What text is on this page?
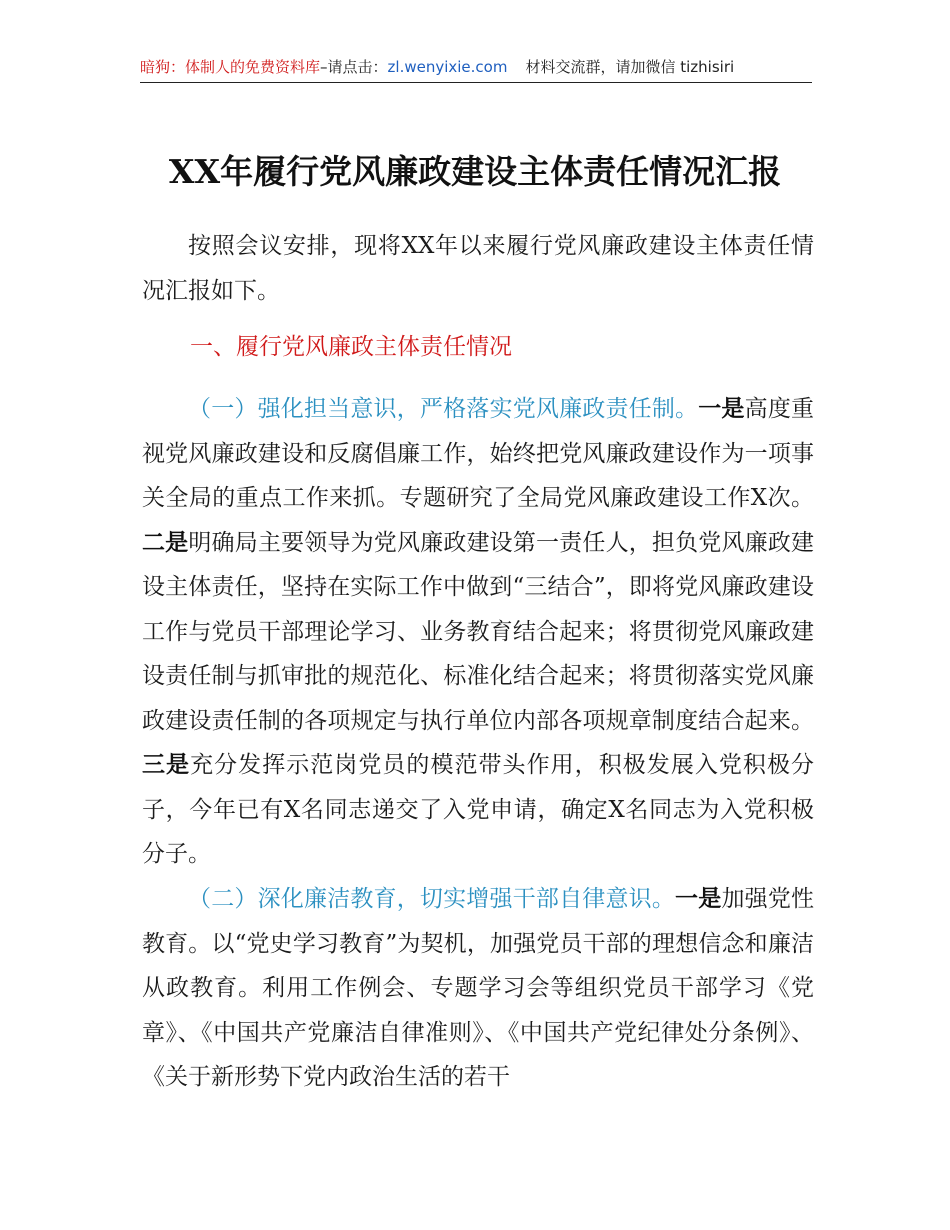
暗狗：体制人的免费资料库–请点击：zl.wenyixie.com 材料交流群，请加微信 tizhisiri
XX年履行党风廉政建设主体责任情况汇报

按照会议安排，现将XX年以来履行党风廉政建设主体责任情况汇报如下。

一、履行党风廉政主体责任情况

（一）强化担当意识，严格落实党风廉政责任制。一是高度重视党风廉政建设和反腐倡廉工作，始终把党风廉政建设作为一项事关全局的重点工作来抓。专题研究了全局党风廉政建设工作X次。二是明确局主要领导为党风廉政建设第一责任人，担负党风廉政建设主体责任，坚持在实际工作中做到“三结合”，即将党风廉政建设工作与党员干部理论学习、业务教育结合起来；将贯彻党风廉政建设责任制与抓审批的规范化、标准化结合起来；将贯彻落实党风廉政建设责任制的各项规定与执行单位内部各项规章制度结合起来。三是充分发挥示范岗党员的模范带头作用，积极发展入党积极分子，今年已有X名同志递交了入党申请，确定X名同志为入党积极分子。

（二）深化廉洁教育，切实增强干部自律意识。一是加强党性教育。以“党史学习教育”为契机，加强党员干部的理想信念和廉洁从政教育。利用工作例会、专题学习会等组织党员干部学习《党章》、《中国共产党廉洁自律准则》、《中国共产党纪律处分条例》、《关于新形势下党内政治生活的若干
